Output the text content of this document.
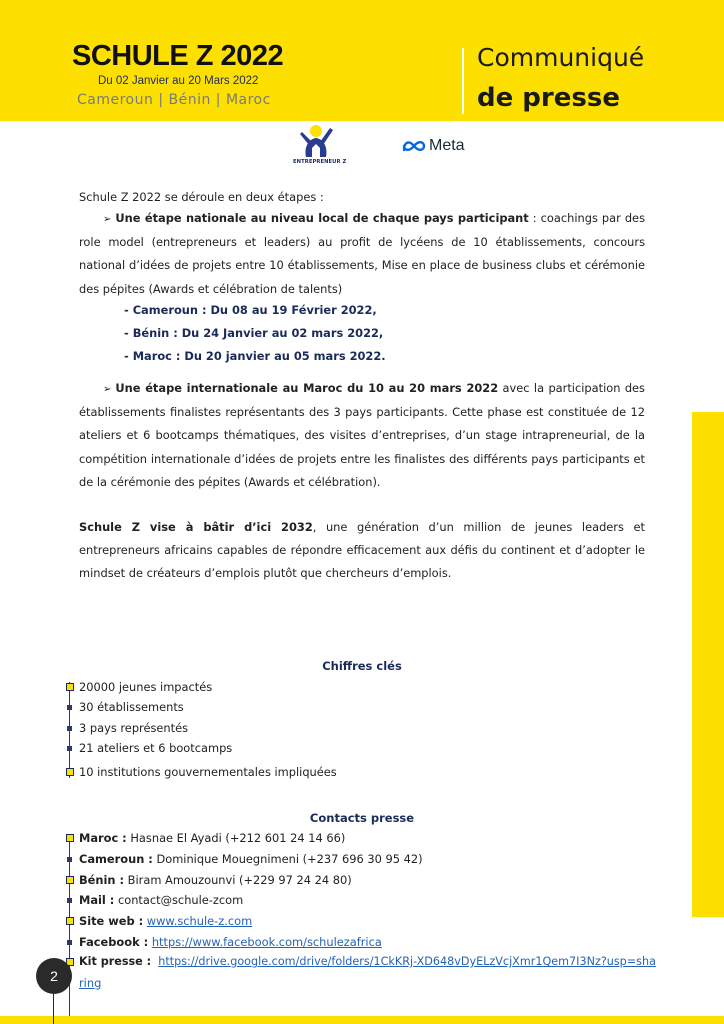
SCHULE Z 2022
Du 02 Janvier au 20 Mars 2022
Cameroun | Bénin | Maroc
Communiqué
de presse
ENTREPRENEUR Z
Meta
Schule Z 2022 se déroule en deux étapes :
➢ Une étape nationale au niveau local de chaque pays participant : coachings par des role model (entrepreneurs et leaders) au profit de lycéens de 10 établissements, concours national d’idées de projets entre 10 établissements, Mise en place de business clubs et cérémonie des pépites (Awards et célébration de talents)
- Cameroun : Du 08 au 19 Février 2022,
- Bénin : Du 24 Janvier au 02 mars 2022,
- Maroc : Du 20 janvier au 05 mars 2022.
➢ Une étape internationale au Maroc du 10 au 20 mars 2022 avec la participation des établissements finalistes représentants des 3 pays participants. Cette phase est constituée de 12 ateliers et 6 bootcamps thématiques, des visites d’entreprises, d’un stage intrapreneurial, de la compétition internationale d’idées de projets entre les finalistes des différents pays participants et de la cérémonie des pépites (Awards et célébration).
Schule Z vise à bâtir d’ici 2032, une génération d’un million de jeunes leaders et entrepreneurs africains capables de répondre efficacement aux défis du continent et d’adopter le mindset de créateurs d’emplois plutôt que chercheurs d’emplois.
Chiffres clés
20000 jeunes impactés
30 établissements
3 pays représentés
21 ateliers et 6 bootcamps
10 institutions gouvernementales impliquées
Contacts presse
Maroc : Hasnae El Ayadi (+212 601 24 14 66)
Cameroun : Dominique Mouegnimeni (+237 696 30 95 42)
Bénin : Biram Amouzounvi (+229 97 24 24 80)
Mail : contact@schule-zcom
Site web : www.schule-z.com
Facebook : https://www.facebook.com/schulezafrica
Kit presse : https://drive.google.com/drive/folders/1CkKRj-XD648vDyELzVcjXmr1Qem7I3Nz?usp=sha
ring
2
